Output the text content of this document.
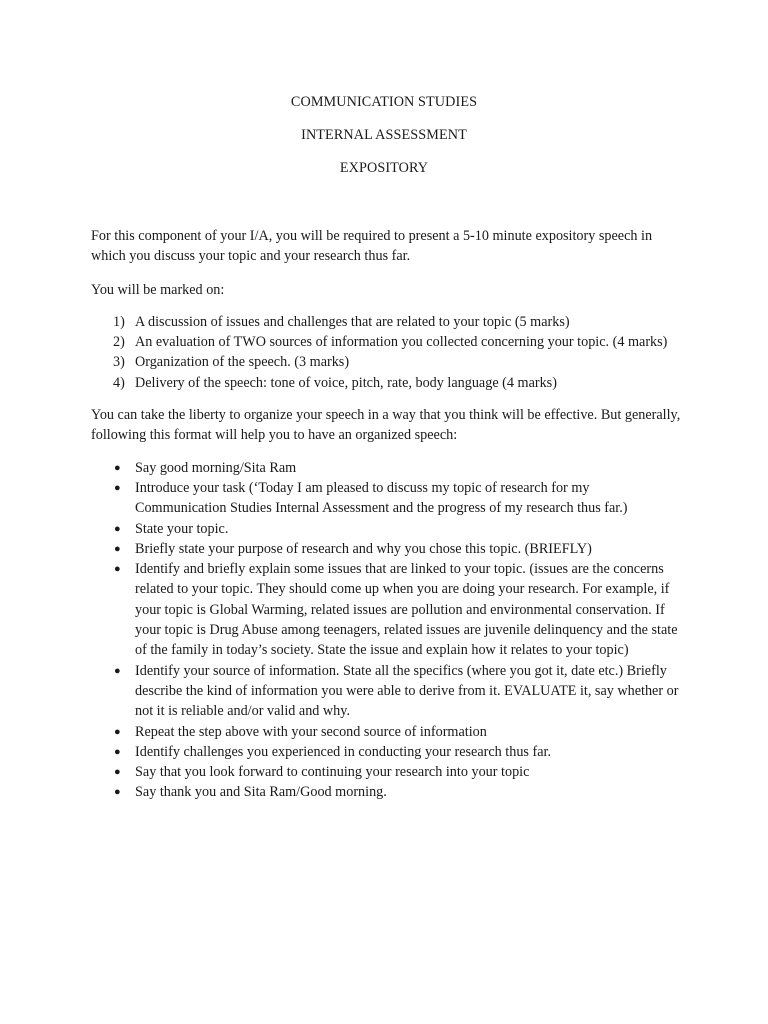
COMMUNICATION STUDIES
INTERNAL ASSESSMENT
EXPOSITORY

For this component of your I/A, you will be required to present a 5-10 minute expository speech in which you discuss your topic and your research thus far.

You will be marked on:

1) A discussion of issues and challenges that are related to your topic (5 marks)
2) An evaluation of TWO sources of information you collected concerning your topic. (4 marks)
3) Organization of the speech. (3 marks)
4) Delivery of the speech: tone of voice, pitch, rate, body language (4 marks)

You can take the liberty to organize your speech in a way that you think will be effective. But generally, following this format will help you to have an organized speech:

● Say good morning/Sita Ram
● Introduce your task (‘Today I am pleased to discuss my topic of research for my Communication Studies Internal Assessment and the progress of my research thus far.)
● State your topic.
● Briefly state your purpose of research and why you chose this topic. (BRIEFLY)
● Identify and briefly explain some issues that are linked to your topic. (issues are the concerns related to your topic. They should come up when you are doing your research. For example, if your topic is Global Warming, related issues are pollution and environmental conservation. If your topic is Drug Abuse among teenagers, related issues are juvenile delinquency and the state of the family in today’s society. State the issue and explain how it relates to your topic)
● Identify your source of information. State all the specifics (where you got it, date etc.) Briefly describe the kind of information you were able to derive from it. EVALUATE it, say whether or not it is reliable and/or valid and why.
● Repeat the step above with your second source of information
● Identify challenges you experienced in conducting your research thus far.
● Say that you look forward to continuing your research into your topic
● Say thank you and Sita Ram/Good morning.
